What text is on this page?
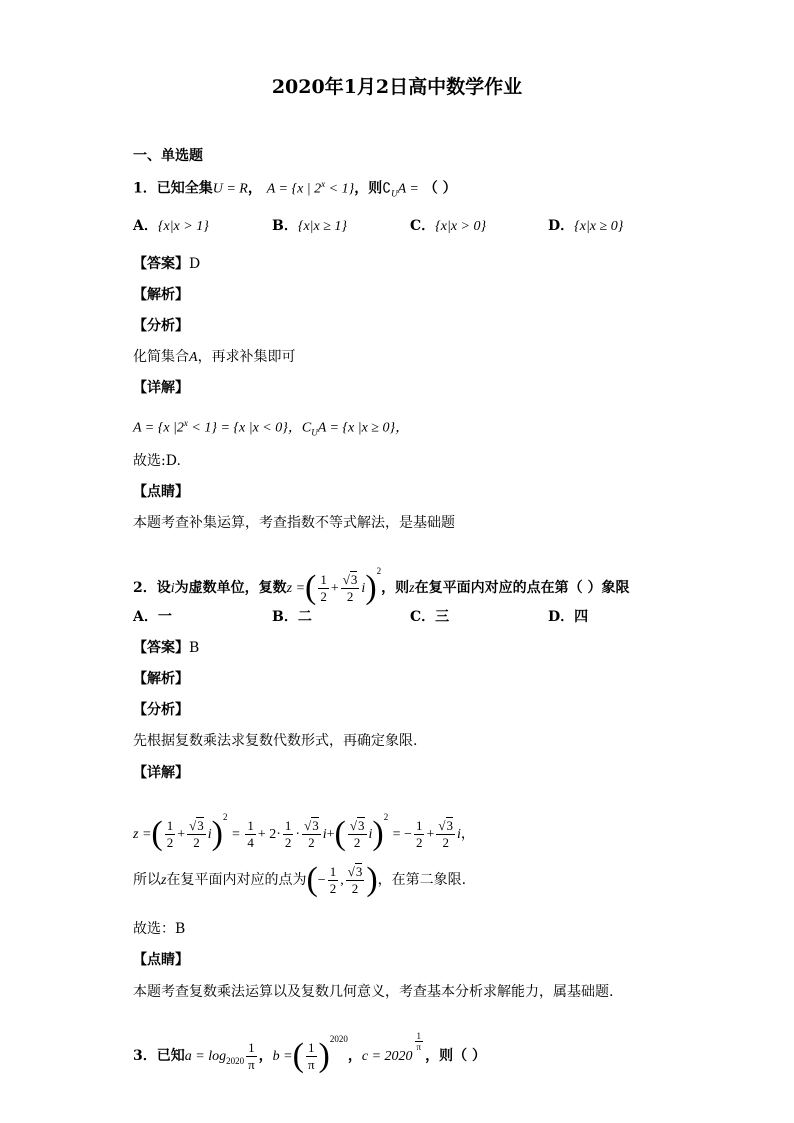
2020年1月2日高中数学作业
一、单选题
1．已知全集U = R， A = {x | $2^x < 1$}，则$∁_UA$ = （ ）
A．{x|x > 1}	B．{x|x ≥ 1}	C．{x|x > 0}	D．{x|x ≥ 0}
【答案】D
【解析】
【分析】
化简集合A，再求补集即可
【详解】
A = {x $|2^x < 1\} = \{x$ |x < 0}，$C_UA = \{x$ |x ≥ 0}，
故选:D.
【点睛】
本题考查补集运算，考查指数不等式解法，是基础题
2．设i为虚数单位，复数z =( $\frac{1}{2} + \frac{√3}{2} i)^2$，则z在复平面内对应的点在第（ ）象限
A．一	B．二	C．三	D．四
【答案】B
【解析】
【分析】
先根据复数乘法求复数代数形式，再确定象限.
【详解】
z =( $\frac{1}{2} + \frac{√3}{2} i)^2 = \frac{1}{4} + 2\cdot \frac{1}{2} \cdot \frac{√3}{2} i+( \frac{√3}{2} i)^2$ = − $\frac{1}{2} + \frac{√3}{2}$ i，
所以z在复平面内对应的点为(− $\frac{1}{2}$ , $\frac{√3}{2}$ )，在第二象限.
故选：B
【点睛】
本题考查复数乘法运算以及复数几何意义，考查基本分析求解能力，属基础题.
3．已知$a = \log_{2020} \frac{1}{\pi}$ ，b =( $\frac{1}{\pi} )^{2020}$，c = 2020
$\frac{1}{\pi}$
，则（ ）
